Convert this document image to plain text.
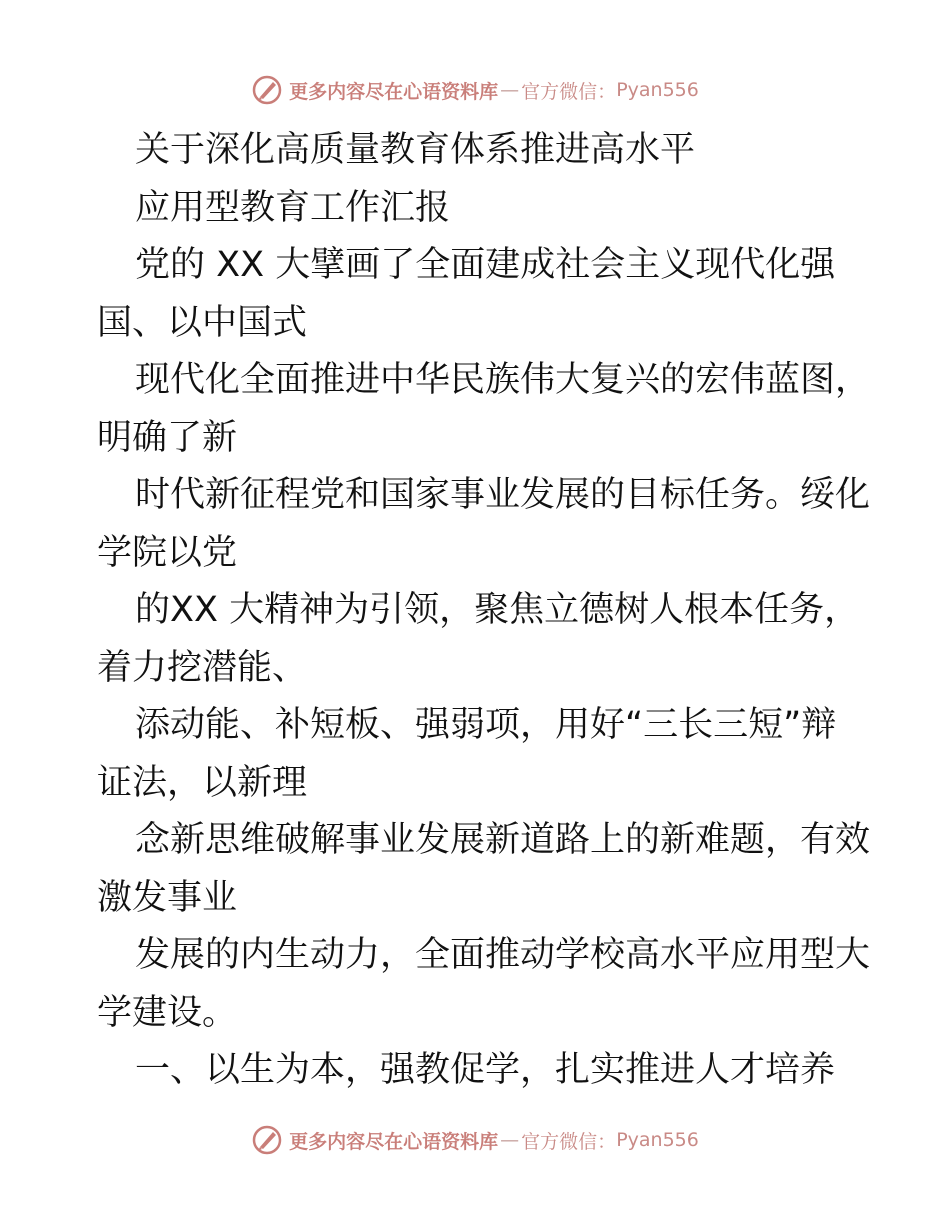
更多内容尽在心语资料库 — 官方微信： Pyan556
关于深化高质量教育体系推进高水平
应用型教育工作汇报
党的 XX 大擘画了全面建成社会主义现代化强
国、以中国式
现代化全面推进中华民族伟大复兴的宏伟蓝图，
明确了新
时代新征程党和国家事业发展的目标任务。绥化
学院以党
的XX 大精神为引领，聚焦立德树人根本任务，
着力挖潜能、
添动能、补短板、强弱项，用好“三长三短”辩
证法，以新理
念新思维破解事业发展新道路上的新难题，有效
激发事业
发展的内生动力，全面推动学校高水平应用型大
学建设。
一、以生为本，强教促学，扎实推进人才培养
更多内容尽在心语资料库 — 官方微信： Pyan556
